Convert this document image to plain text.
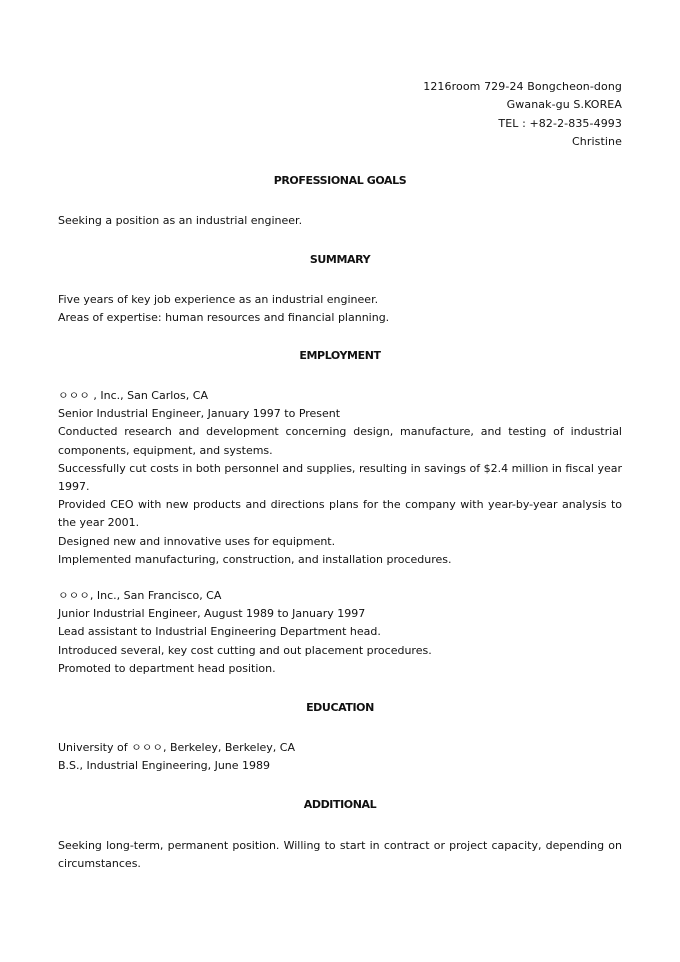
1216room 729-24 Bongcheon-dong
Gwanak-gu S.KOREA
TEL : +82-2-835-4993
Christine
PROFESSIONAL GOALS
Seeking a position as an industrial engineer.
SUMMARY
Five years of key job experience as an industrial engineer.
Areas of expertise: human resources and financial planning.
EMPLOYMENT
ㅇㅇㅇ , Inc., San Carlos, CA
Senior Industrial Engineer, January 1997 to Present
Conducted research and development concerning design, manufacture, and testing of industrial components, equipment, and systems.
Successfully cut costs in both personnel and supplies, resulting in savings of $2.4 million in fiscal year 1997.
Provided CEO with new products and directions plans for the company with year-by-year analysis to the year 2001.
Designed new and innovative uses for equipment.
Implemented manufacturing, construction, and installation procedures.
ㅇㅇㅇ, Inc., San Francisco, CA
Junior Industrial Engineer, August 1989 to January 1997
Lead assistant to Industrial Engineering Department head.
Introduced several, key cost cutting and out placement procedures.
Promoted to department head position.
EDUCATION
University of ㅇㅇㅇ, Berkeley, Berkeley, CA
B.S., Industrial Engineering, June 1989
ADDITIONAL
Seeking long-term, permanent position. Willing to start in contract or project capacity, depending on circumstances.
